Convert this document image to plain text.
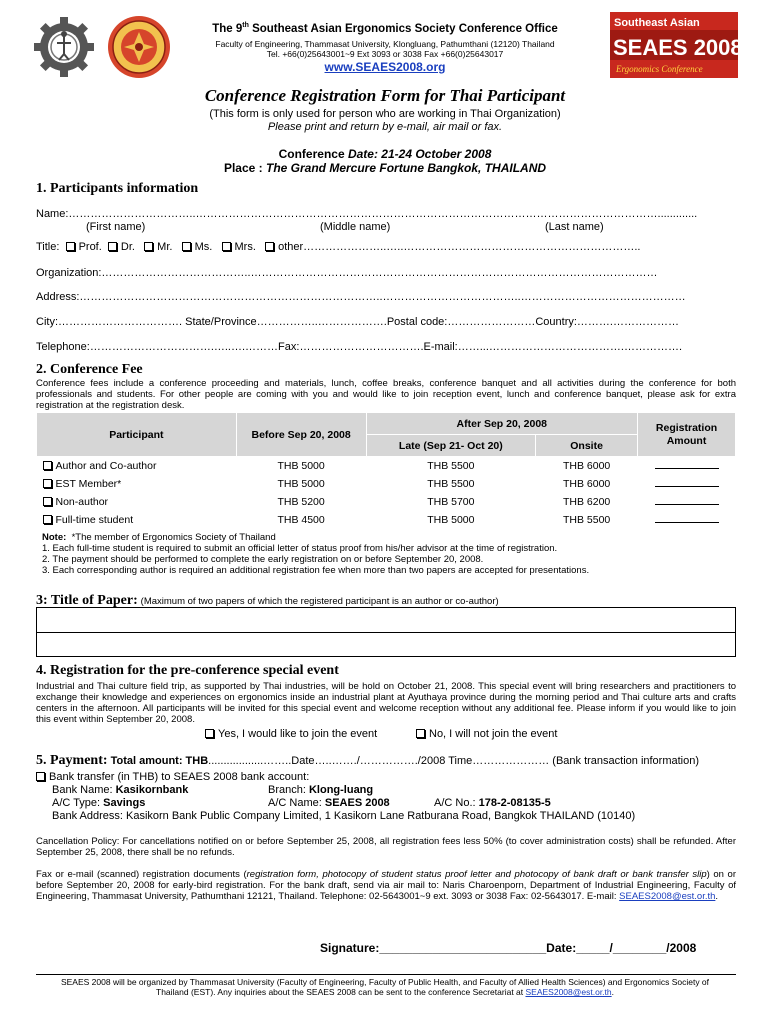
The 9th Southeast Asian Ergonomics Society Conference Office
Faculty of Engineering, Thammasat University, Klongluang, Pathumthani (12120) Thailand
Tel. +66(0)25643001~9 Ext 3093 or 3038 Fax +66(0)25643017
www.SEAES2008.org
Southeast Asian
SEAES 2008
Ergonomics Conference
Conference Registration Form for Thai Participant
(This form is only used for person who are working in Thai Organization)
Please print and return by e-mail, air mail or fax.
Conference Date: 21-24 October 2008
Place : The Grand Mercure Fortune Bangkok, THAILAND
1. Participants information
Name:……………………………..……………………………………………………………………………………………………………….............
(First name)	(Middle name)	(Last name)
Title: Prof. Dr. Mr. Ms. Mrs. other…………………..…..………………………………………………………..
Organization:…………………………………..…………………………………………………………………………………………………
Address:………………………………………………………………………..………………………………..………………………………………
City:……………………………. State/Province……………..……………….Postal code:……………………Country:……….………………
Telephone:…………………………….…..….………Fax:…………………………….E-mail:……...……………………………….…………….
2. Conference Fee
Conference fees include a conference proceeding and materials, lunch, coffee breaks, conference banquet and all activities during the conference for both professionals and students. For other people are coming with you and would like to join reception event, lunch and conference banquet, please ask for extra registration at the registration desk.
Participant	Before Sep 20, 2008	After Sep 20, 2008		Registration Amount
		Late (Sep 21- Oct 20)	Onsite	
Author and Co-author	THB 5000	THB 5500	THB 6000	
EST Member*	THB 5000	THB 5500	THB 6000	
Non-author	THB 5200	THB 5700	THB 6200	
Full-time student	THB 4500	THB 5000	THB 5500	
Note: *The member of Ergonomics Society of Thailand
1. Each full-time student is required to submit an official letter of status proof from his/her advisor at the time of registration.
2. The payment should be performed to complete the early registration on or before September 20, 2008.
3. Each corresponding author is required an additional registration fee when more than two papers are accepted for presentations.
3: Title of Paper: (Maximum of two papers of which the registered participant is an author or co-author)
4. Registration for the pre-conference special event
Industrial and Thai culture field trip, as supported by Thai industries, will be hold on October 21, 2008. This special event will bring researchers and practitioners to exchange their knowledge and experiences on ergonomics inside an industrial plant at Ayuthaya province during the morning period and Thai culture arts and crafts centers in the afternoon. All participants will be invited for this special event and welcome reception without any additional fee. Please inform if you would like to join this event within September 20, 2008.
Yes, I would like to join the event	No, I will not join the event
5. Payment: Total amount: THB..................……..Date…..……./……………./2008 Time………………… (Bank transaction information)
Bank transfer (in THB) to SEAES 2008 bank account:
Bank Name: Kasikornbank	Branch: Klong-luang
A/C Type: Savings	A/C Name: SEAES 2008	A/C No.: 178-2-08135-5
Bank Address: Kasikorn Bank Public Company Limited, 1 Kasikorn Lane Ratburana Road, Bangkok THAILAND (10140)
Cancellation Policy: For cancellations notified on or before September 25, 2008, all registration fees less 50% (to cover administration costs) shall be refunded. After September 25, 2008, there shall be no refunds.
Fax or e-mail (scanned) registration documents (registration form, photocopy of student status proof letter and photocopy of bank draft or bank transfer slip) on or before September 20, 2008 for early-bird registration. For the bank draft, send via air mail to: Naris Charoenporn, Department of Industrial Engineering, Faculty of Engineering, Thammasat University, Pathumthani 12121, Thailand. Telephone: 02-5643001~9 ext. 3093 or 3038 Fax: 02-5643017. E-mail: SEAES2008@est.or.th.
Signature:_________________________Date:_____/________/2008
SEAES 2008 will be organized by Thammasat University (Faculty of Engineering, Faculty of Public Health, and Faculty of Allied Health Sciences) and Ergonomics Society of
Thailand (EST). Any inquiries about the SEAES 2008 can be sent to the conference Secretariat at SEAES2008@est.or.th.
